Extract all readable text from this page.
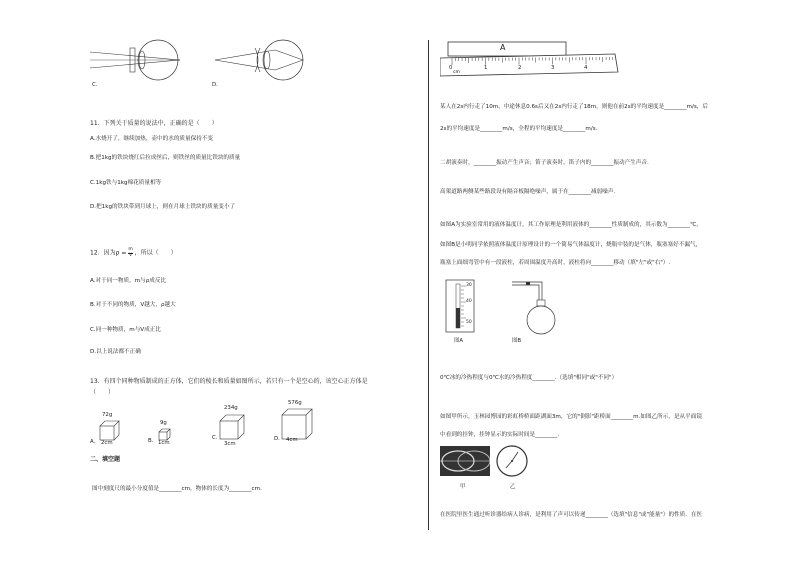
C.	D.
11．下列关于质量的说法中，正确的是（　　）
A.水烧开了，继续加热，壶中的水的质量保持不变
B.把1kg的铁块烧红后拉成丝后，则铁丝的质量比铁块的质量
C.1kg铁与1kg棉花质量相等
D.把1kg的铁块带到月球上，则在月球上铁块的质量变小了
12．因为$\rho = \frac{m}{V}$ ，所以（　　）
A.对于同一物质，m与ρ成反比
B.对于不同的物质，V越大，ρ越大
C.同一种物质，m与V成正比
D.以上说法都不正确
13．有四个同种物质制成的正方体，它们的棱长和质量如图所示，若只有一个是空心的，该空心正方体是
（　　）
72g
A. 2cm
9g
B. 1cm
234g
C.
3cm
576g
D. 4cm
二、填空题
图中刻度尺的最小分度值是________cm，物体的长度为________cm.
A
0
cm
1	2	3	4
某人在2s内行走了10m，中途休息0.6s后又在2s内行走了18m，则他在前2s的平均速度是________m/s，后
2s的平均速度是________m/s，全程的平均速度是________m/s.
二胡演奏时，________振动产生声音；笛子演奏时，笛子内的________振动产生声音.
高架道路两侧某些路段设有隔音板隔绝噪声，属于在________减弱噪声.
如图A为实验室常用的液体温度计，其工作原理是利用液体的________性质制成的，其示数为________℃，
如图B是小明同学依照液体温度计原理设计的一个简易气体温度计，烧瓶中装的是气体，瓶塞塞好不漏气，
瓶塞上面细弯管中有一段液柱，若周围温度升高时，液柱将向________移动（填"左"或"右"）.
30
40
50
图A	图B
0℃冰的冷热程度与0℃水的冷热程度________.（选填"相同"或"不同"）
如图甲所示，玉林园博园的彩虹桥桥面距湖面3m，它的"倒影"距桥面________m.如图乙所示，是从平面镜
中看到的挂钟，挂钟显示的实际时间是________.
甲	乙
在医院里医生通过听诊器给病人诊病，是利用了声可以传递________（选填"信息"或"能量"）的性质．在医
